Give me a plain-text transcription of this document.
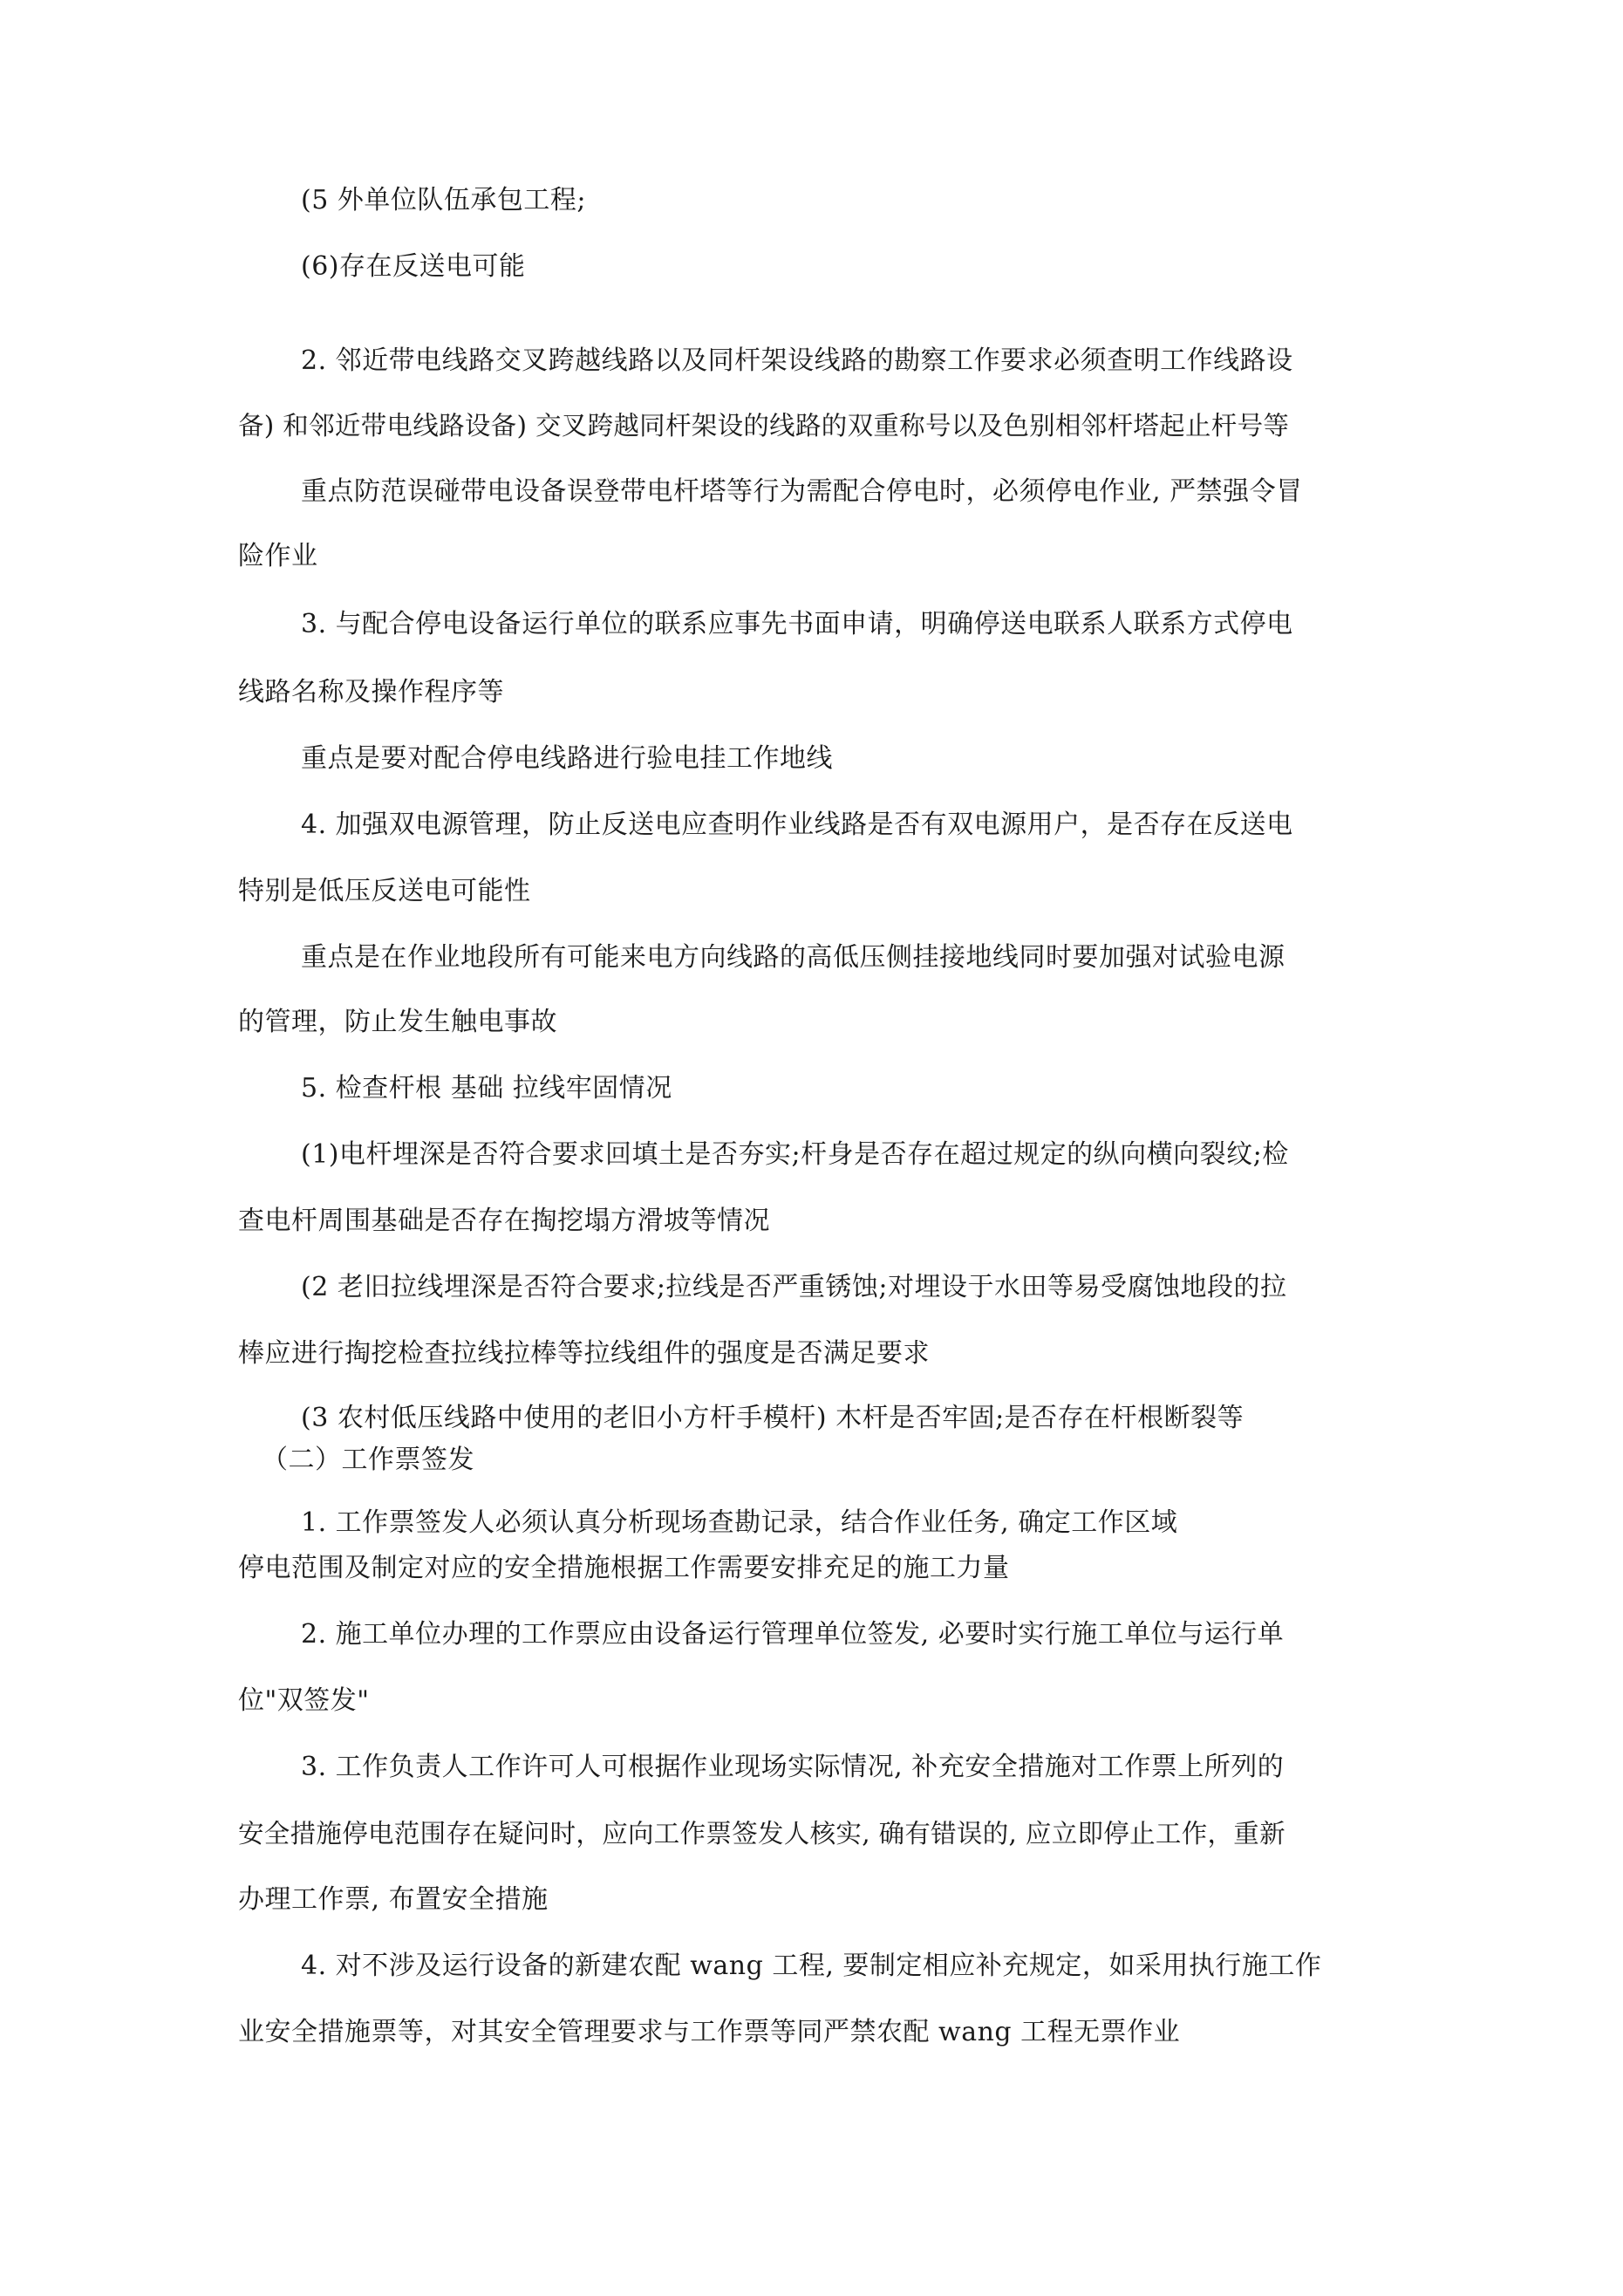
(5 外单位队伍承包工程;
(6)存在反送电可能
2. 邻近带电线路交叉跨越线路以及同杆架设线路的勘察工作要求必须查明工作线路设
备) 和邻近带电线路设备) 交叉跨越同杆架设的线路的双重称号以及色别相邻杆塔起止杆号等
重点防范误碰带电设备误登带电杆塔等行为需配合停电时，必须停电作业, 严禁强令冒
险作业
3. 与配合停电设备运行单位的联系应事先书面申请，明确停送电联系人联系方式停电
线路名称及操作程序等
重点是要对配合停电线路进行验电挂工作地线
4. 加强双电源管理，防止反送电应查明作业线路是否有双电源用户，是否存在反送电
特别是低压反送电可能性
重点是在作业地段所有可能来电方向线路的高低压侧挂接地线同时要加强对试验电源
的管理，防止发生触电事故
5. 检查杆根 基础 拉线牢固情况
(1)电杆埋深是否符合要求回填土是否夯实;杆身是否存在超过规定的纵向横向裂纹;检
查电杆周围基础是否存在掏挖塌方滑坡等情况
(2 老旧拉线埋深是否符合要求;拉线是否严重锈蚀;对埋设于水田等易受腐蚀地段的拉
棒应进行掏挖检查拉线拉棒等拉线组件的强度是否满足要求
(3 农村低压线路中使用的老旧小方杆手模杆) 木杆是否牢固;是否存在杆根断裂等
（二）工作票签发
1. 工作票签发人必须认真分析现场查勘记录，结合作业任务, 确定工作区域
停电范围及制定对应的安全措施根据工作需要安排充足的施工力量
2. 施工单位办理的工作票应由设备运行管理单位签发, 必要时实行施工单位与运行单
位"双签发"
3. 工作负责人工作许可人可根据作业现场实际情况, 补充安全措施对工作票上所列的
安全措施停电范围存在疑问时，应向工作票签发人核实, 确有错误的, 应立即停止工作，重新
办理工作票, 布置安全措施
4. 对不涉及运行设备的新建农配 wang 工程, 要制定相应补充规定，如采用执行施工作
业安全措施票等，对其安全管理要求与工作票等同严禁农配 wang 工程无票作业
